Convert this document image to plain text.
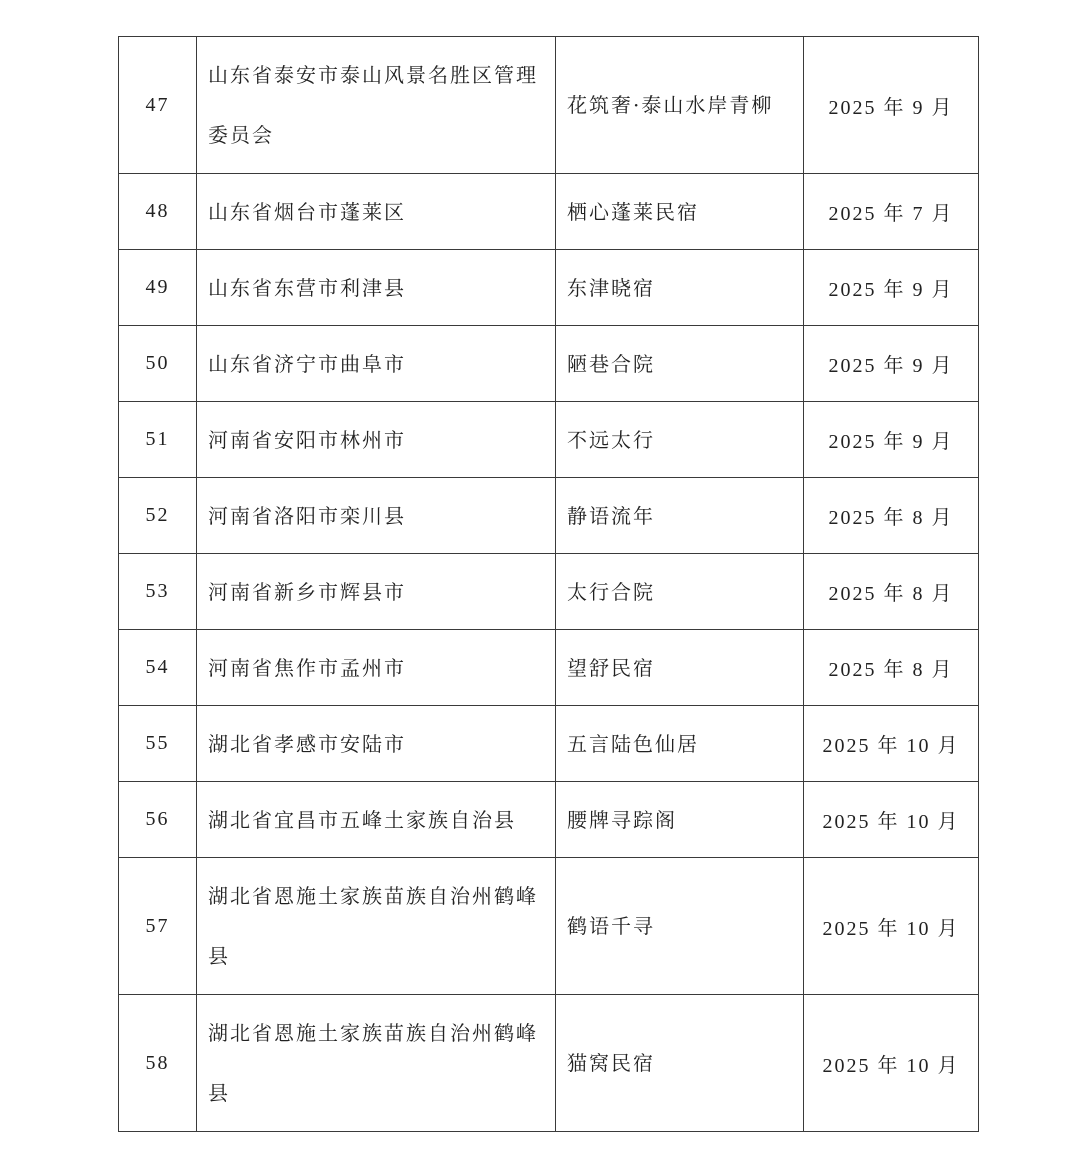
47	山东省泰安市泰山风景名胜区管理委员会	花筑奢·泰山水岸青柳	2025 年 9 月
48	山东省烟台市蓬莱区	栖心蓬莱民宿	2025 年 7 月
49	山东省东营市利津县	东津晓宿	2025 年 9 月
50	山东省济宁市曲阜市	陋巷合院	2025 年 9 月
51	河南省安阳市林州市	不远太行	2025 年 9 月
52	河南省洛阳市栾川县	静语流年	2025 年 8 月
53	河南省新乡市辉县市	太行合院	2025 年 8 月
54	河南省焦作市孟州市	望舒民宿	2025 年 8 月
55	湖北省孝感市安陆市	五言陆色仙居	2025 年 10 月
56	湖北省宜昌市五峰土家族自治县	腰牌寻踪阁	2025 年 10 月
57	湖北省恩施土家族苗族自治州鹤峰县	鹤语千寻	2025 年 10 月
58	湖北省恩施土家族苗族自治州鹤峰县	猫窝民宿	2025 年 10 月
